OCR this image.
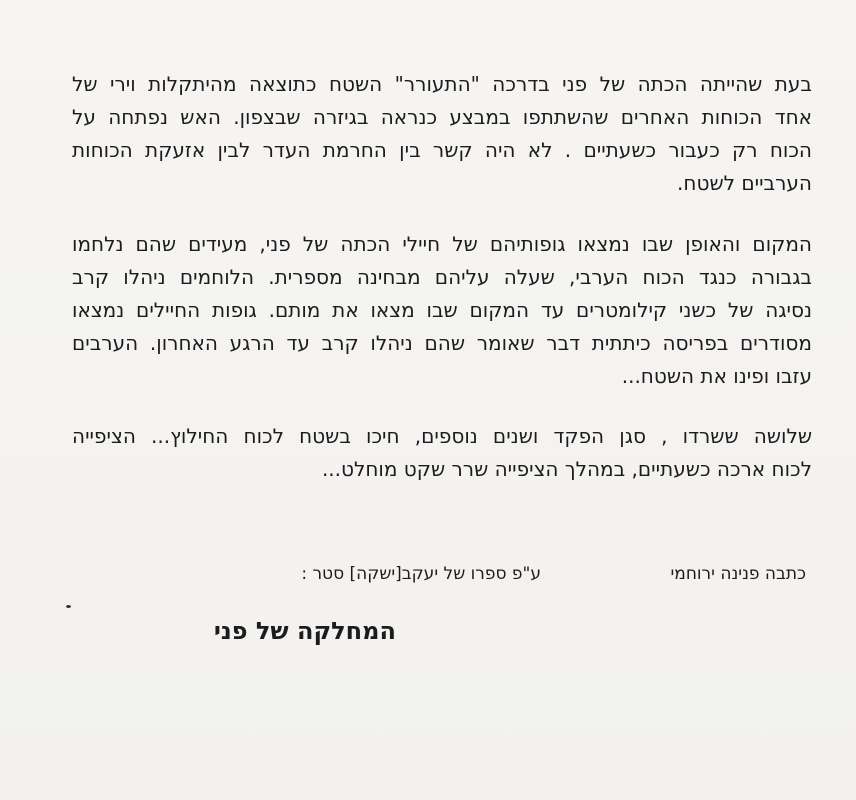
בעת שהייתה הכתה של פני בדרכה "התעורר" השטח כתוצאה מהיתקלות וירי של
אחד הכוחות האחרים שהשתתפו במבצע כנראה בגיזרה שבצפון. האש נפתחה על
הכוח רק כעבור כשעתיים . לא היה קשר בין החרמת העדר לבין אזעקת הכוחות
הערביים לשטח.
המקום והאופן שבו נמצאו גופותיהם של חיילי הכתה של פני, מעידים שהם נלחמו
בגבורה כנגד הכוח הערבי, שעלה עליהם מבחינה מספרית. הלוחמים ניהלו קרב
נסיגה של כשני קילומטרים עד המקום שבו מצאו את מותם. גופות החיילים נמצאו
מסודרים בפריסה כיתתית דבר שאומר שהם ניהלו קרב עד הרגע האחרון. הערבים
עזבו ופינו את השטח...
שלושה ששרדו , סגן הפקד ושנים נוספים, חיכו בשטח לכוח החילוץ... הציפייה
לכוח ארכה כשעתיים, במהלך הציפייה שרר שקט מוחלט...
כתבה פנינה ירוחמי
ע"פ ספרו של יעקב[ישקה] סטר :
המחלקה של פני
